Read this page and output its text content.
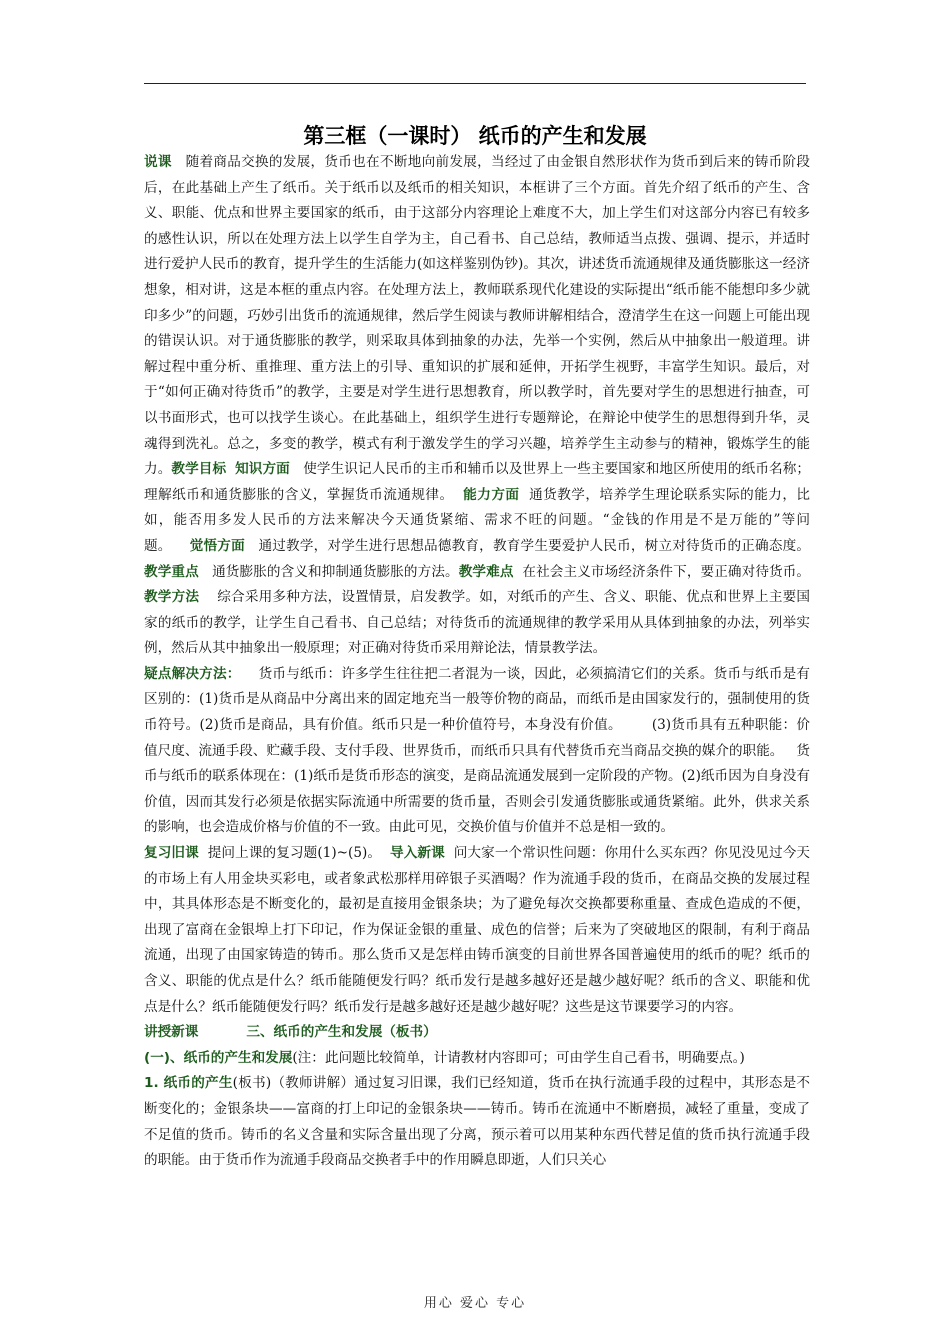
第三框（一课时） 纸币的产生和发展

说课 随着商品交换的发展，货币也在不断地向前发展，当经过了由金银自然形状作为货币到后来的铸币阶段后，在此基础上产生了纸币。关于纸币以及纸币的相关知识，本框讲了三个方面。首先介绍了纸币的产生、含义、职能、优点和世界主要国家的纸币，由于这部分内容理论上难度不大，加上学生们对这部分内容已有较多的感性认识，所以在处理方法上以学生自学为主，自己看书、自己总结，教师适当点拨、强调、提示，并适时进行爱护人民币的教育，提升学生的生活能力(如这样鉴别伪钞)。其次，讲述货币流通规律及通货膨胀这一经济想象，相对讲，这是本框的重点内容。在处理方法上，教师联系现代化建设的实际提出“纸币能不能想印多少就印多少”的问题，巧妙引出货币的流通规律，然后学生阅读与教师讲解相结合，澄清学生在这一问题上可能出现的错误认识。对于通货膨胀的教学，则采取具体到抽象的办法，先举一个实例，然后从中抽象出一般道理。讲解过程中重分析、重推理、重方法上的引导、重知识的扩展和延伸，开拓学生视野，丰富学生知识。最后，对于“如何正确对待货币”的教学，主要是对学生进行思想教育，所以教学时，首先要对学生的思想进行抽查，可以书面形式，也可以找学生谈心。在此基础上，组织学生进行专题辩论，在辩论中使学生的思想得到升华，灵魂得到洗礼。总之，多变的教学，模式有利于激发学生的学习兴趣，培养学生主动参与的精神，锻炼学生的能力。教学目标 知识方面 使学生识记人民币的主币和辅币以及世界上一些主要国家和地区所使用的纸币名称；理解纸币和通货膨胀的含义，掌握货币流通规律。 能力方面 通货教学，培养学生理论联系实际的能力，比如，能否用多发人民币的方法来解决今天通货紧缩、需求不旺的问题。“金钱的作用是不是万能的”等问题。 觉悟方面 通过教学，对学生进行思想品德教育，教育学生要爱护人民币，树立对待货币的正确态度。教学重点 通货膨胀的含义和抑制通货膨胀的方法。教学难点 在社会主义市场经济条件下，要正确对待货币。教学方法 综合采用多种方法，设置情景，启发教学。如，对纸币的产生、含义、职能、优点和世界上主要国家的纸币的教学，让学生自己看书、自己总结；对待货币的流通规律的教学采用从具体到抽象的办法，列举实例，然后从其中抽象出一般原理；对正确对待货币采用辩论法，情景教学法。

疑点解决方法： 货币与纸币：许多学生往往把二者混为一谈，因此，必须搞清它们的关系。货币与纸币是有区别的：(1)货币是从商品中分离出来的固定地充当一般等价物的商品，而纸币是由国家发行的，强制使用的货币符号。(2)货币是商品，具有价值。纸币只是一种价值符号，本身没有价值。 (3)货币具有五种职能：价值尺度、流通手段、贮藏手段、支付手段、世界货币，而纸币只具有代替货币充当商品交换的媒介的职能。 货币与纸币的联系体现在：(1)纸币是货币形态的演变，是商品流通发展到一定阶段的产物。(2)纸币因为自身没有价值，因而其发行必须是依据实际流通中所需要的货币量，否则会引发通货膨胀或通货紧缩。此外，供求关系的影响，也会造成价格与价值的不一致。由此可见，交换价值与价值并不总是相一致的。

复习旧课 提问上课的复习题(1)~(5)。 导入新课 问大家一个常识性问题：你用什么买东西？你见没见过今天的市场上有人用金块买彩电，或者象武松那样用碎银子买酒喝？作为流通手段的货币，在商品交换的发展过程中，其具体形态是不断变化的，最初是直接用金银条块；为了避免每次交换都要称重量、查成色造成的不便，出现了富商在金银埠上打下印记，作为保证金银的重量、成色的信誉；后来为了突破地区的限制，有利于商品流通，出现了由国家铸造的铸币。那么货币又是怎样由铸币演变的目前世界各国普遍使用的纸币的呢？纸币的含义、职能的优点是什么？纸币能随便发行吗？纸币发行是越多越好还是越少越好呢？纸币的含义、职能和优点是什么？纸币能随便发行吗？纸币发行是越多越好还是越少越好呢？这些是这节课要学习的内容。

讲授新课	三、纸币的产生和发展（板书）

(一)、纸币的产生和发展(注：此问题比较简单，计请教材内容即可；可由学生自己看书，明确要点。)

1. 纸币的产生(板书)（教师讲解）通过复习旧课，我们已经知道，货币在执行流通手段的过程中，其形态是不断变化的；金银条块——富商的打上印记的金银条块——铸币。铸币在流通中不断磨损，减轻了重量，变成了不足值的货币。铸币的名义含量和实际含量出现了分离，预示着可以用某种东西代替足值的货币执行流通手段的职能。由于货币作为流通手段商品交换者手中的作用瞬息即逝，人们只关心

用心 爱心 专心
